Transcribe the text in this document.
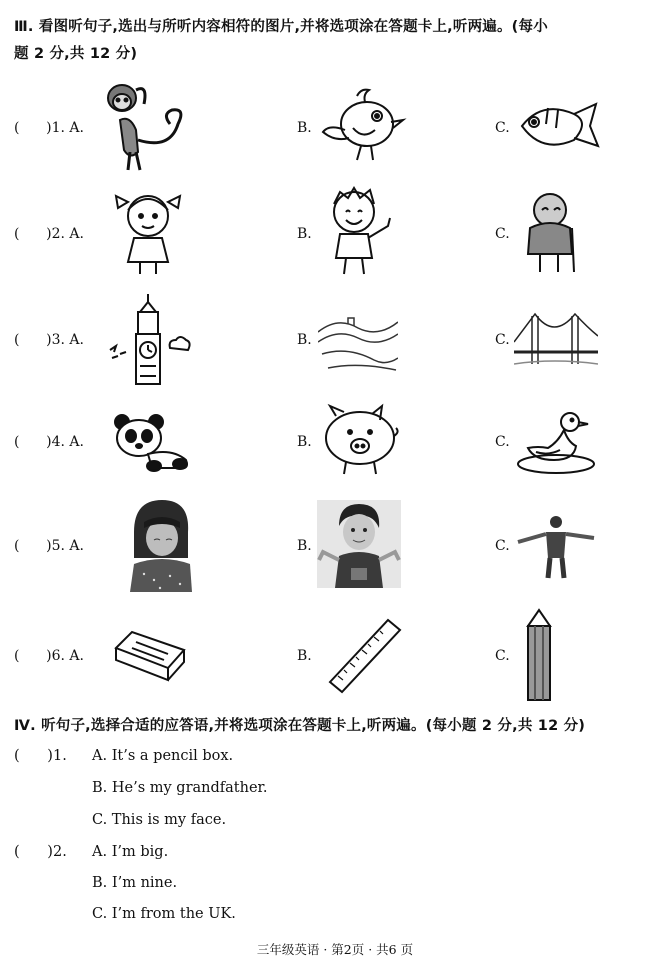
Ⅲ. 看图听句子,选出与所听内容相符的图片,并将选项涂在答题卡上,听两遍。(每小
题 2 分,共 12 分)
(      )1. A.	B.	C.
(      )2. A.	B.	C.
(      )3. A.	B.	C.
(      )4. A.	B.	C.
(      )5. A.	B.	C.
(      )6. A.	B.	C.
Ⅳ. 听句子,选择合适的应答语,并将选项涂在答题卡上,听两遍。(每小题 2 分,共 12 分)
(      )1. A. It’s a pencil box.
B. He’s my grandfather.
C. This is my face.
(      )2. A. I’m big.
B. I’m nine.
C. I’m from the UK.
三年级英语 · 第2页 · 共6 页
